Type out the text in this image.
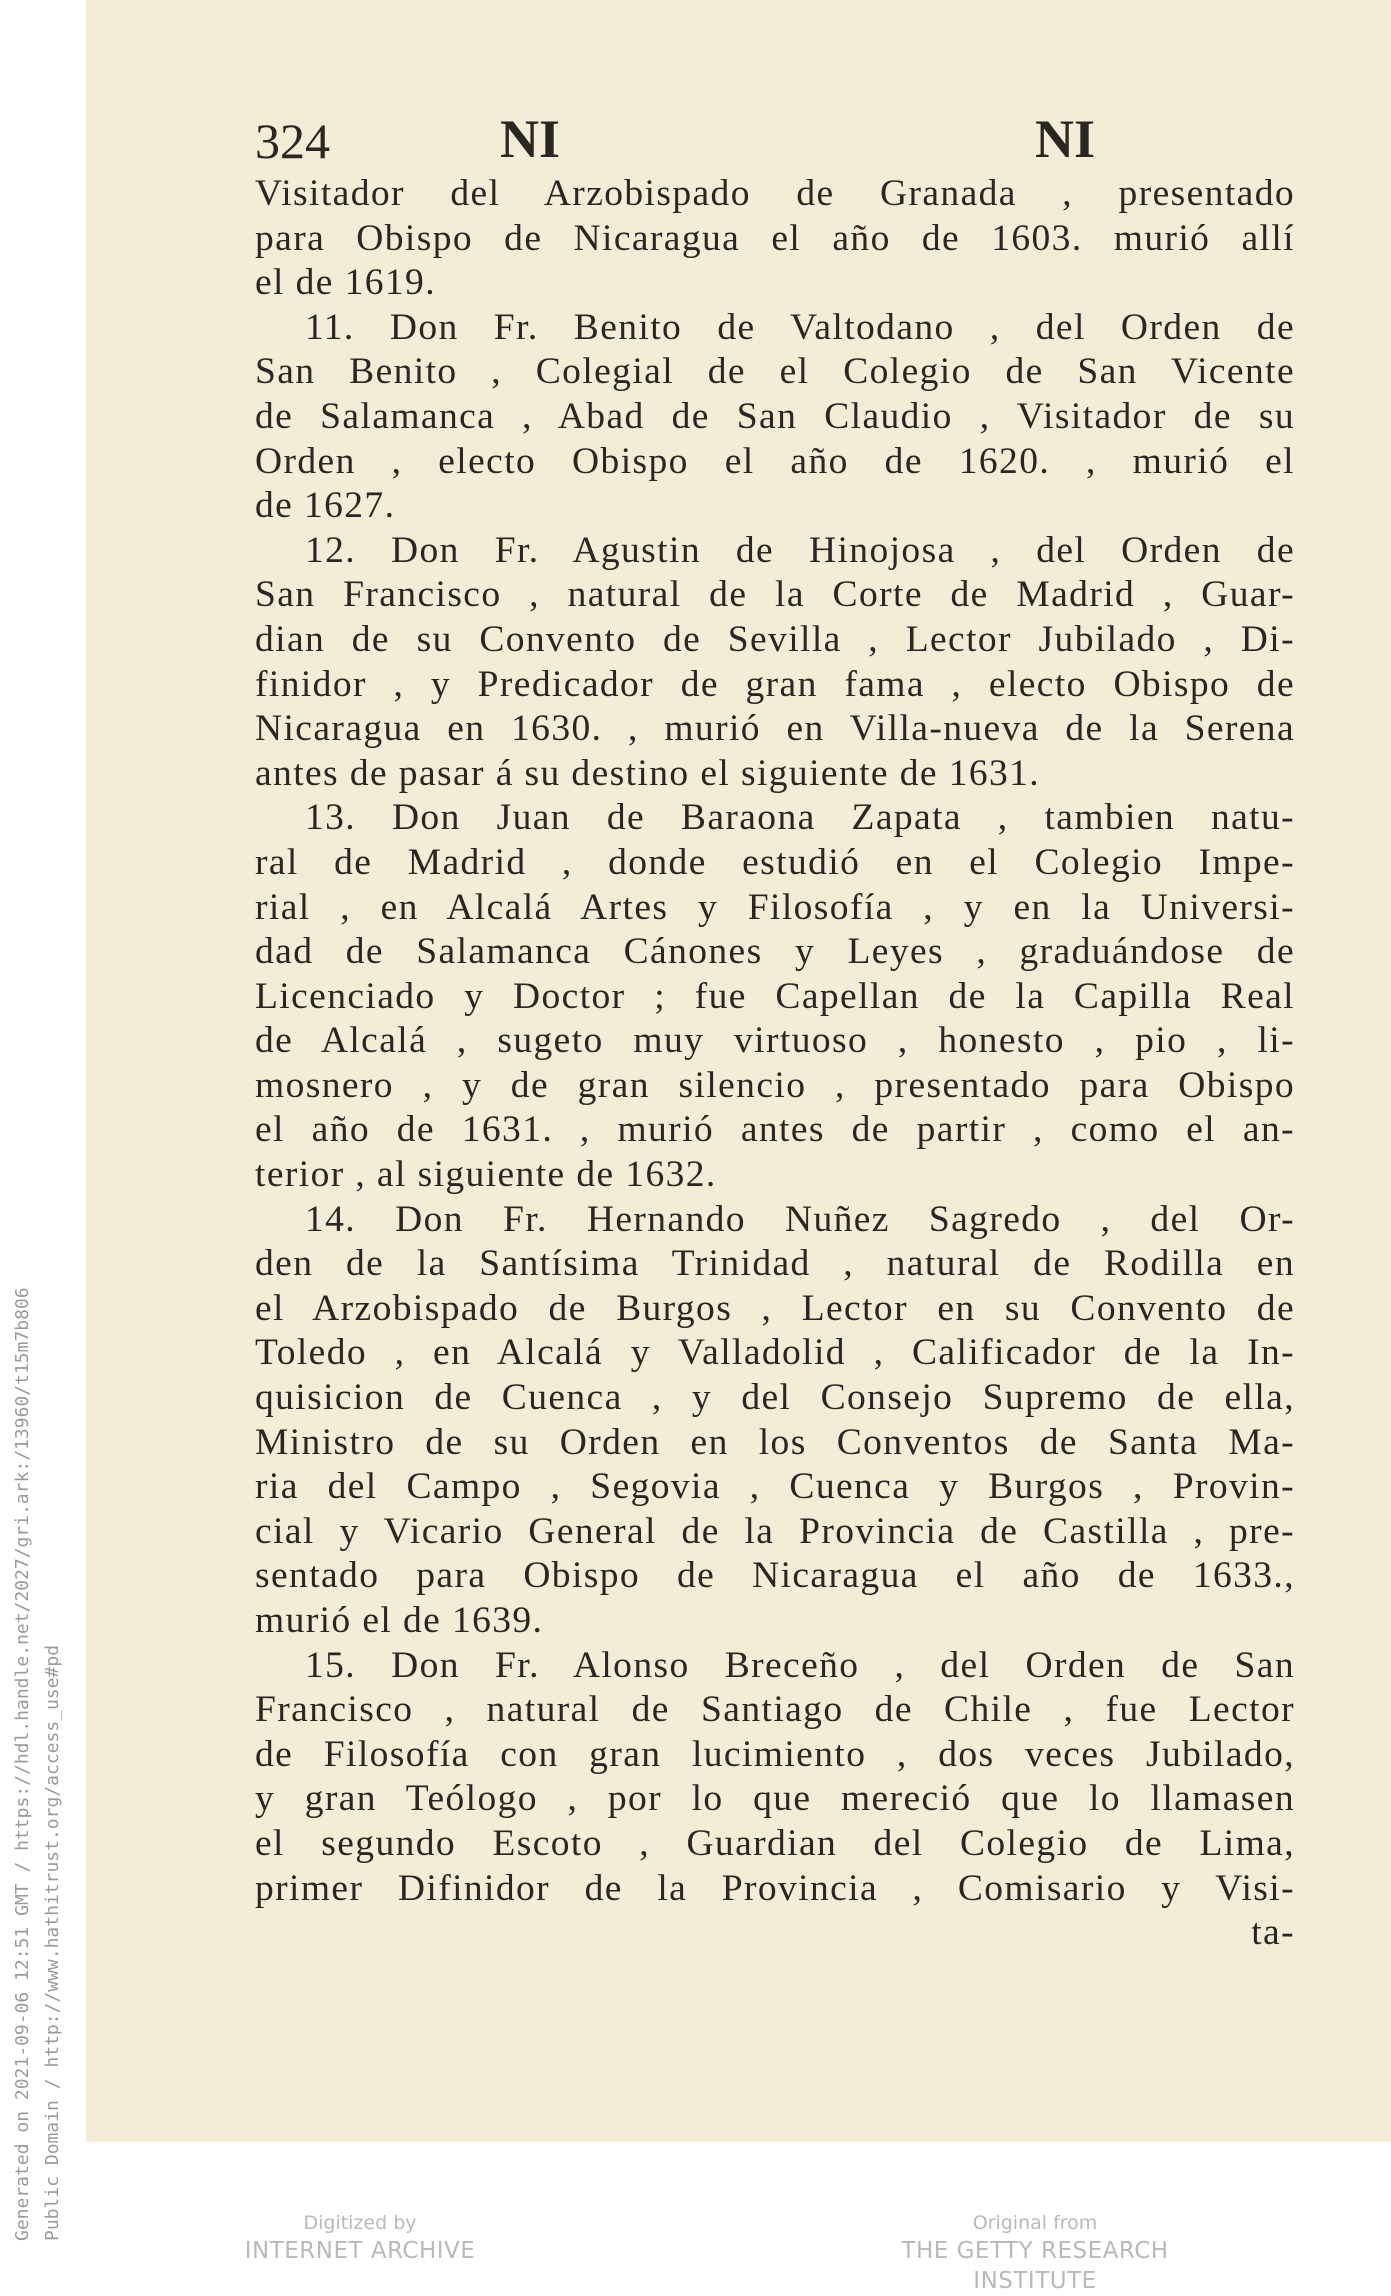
324	NI	NI
Visitador del Arzobispado de Granada , presentado
para Obispo de Nicaragua el año de 1603. murió allí
el de 1619.
11. Don Fr. Benito de Valtodano , del Orden de
San Benito , Colegial de el Colegio de San Vicente
de Salamanca , Abad de San Claudio , Visitador de su
Orden , electo Obispo el año de 1620. , murió el
de 1627.
12. Don Fr. Agustin de Hinojosa , del Orden de
San Francisco , natural de la Corte de Madrid , Guar-
dian de su Convento de Sevilla , Lector Jubilado , Di-
finidor , y Predicador de gran fama , electo Obispo de
Nicaragua en 1630. , murió en Villa-nueva de la Serena
antes de pasar á su destino el siguiente de 1631.
13. Don Juan de Baraona Zapata , tambien natu-
ral de Madrid , donde estudió en el Colegio Impe-
rial , en Alcalá Artes y Filosofía , y en la Universi-
dad de Salamanca Cánones y Leyes , graduándose de
Licenciado y Doctor ; fue Capellan de la Capilla Real
de Alcalá , sugeto muy virtuoso , honesto , pio , li-
mosnero , y de gran silencio , presentado para Obispo
el año de 1631. , murió antes de partir , como el an-
terior , al siguiente de 1632.
14. Don Fr. Hernando Nuñez Sagredo , del Or-
den de la Santísima Trinidad , natural de Rodilla en
el Arzobispado de Burgos , Lector en su Convento de
Toledo , en Alcalá y Valladolid , Calificador de la In-
quisicion de Cuenca , y del Consejo Supremo de ella,
Ministro de su Orden en los Conventos de Santa Ma-
ria del Campo , Segovia , Cuenca y Burgos , Provin-
cial y Vicario General de la Provincia de Castilla , pre-
sentado para Obispo de Nicaragua el año de 1633.,
murió el de 1639.
15. Don Fr. Alonso Breceño , del Orden de San
Francisco , natural de Santiago de Chile , fue Lector
de Filosofía con gran lucimiento , dos veces Jubilado,
y gran Teólogo , por lo que mereció que lo llamasen
el segundo Escoto , Guardian del Colegio de Lima,
primer Difinidor de la Provincia , Comisario y Visi-
ta-
Generated on 2021-09-06 12:51 GMT / https://hdl.handle.net/2027/gri.ark:/13960/t15m7b806 Public Domain / http://www.hathitrust.org/access_use#pd	Digitized by
INTERNET ARCHIVE
Original from
THE GETTY RESEARCH INSTITUTE
